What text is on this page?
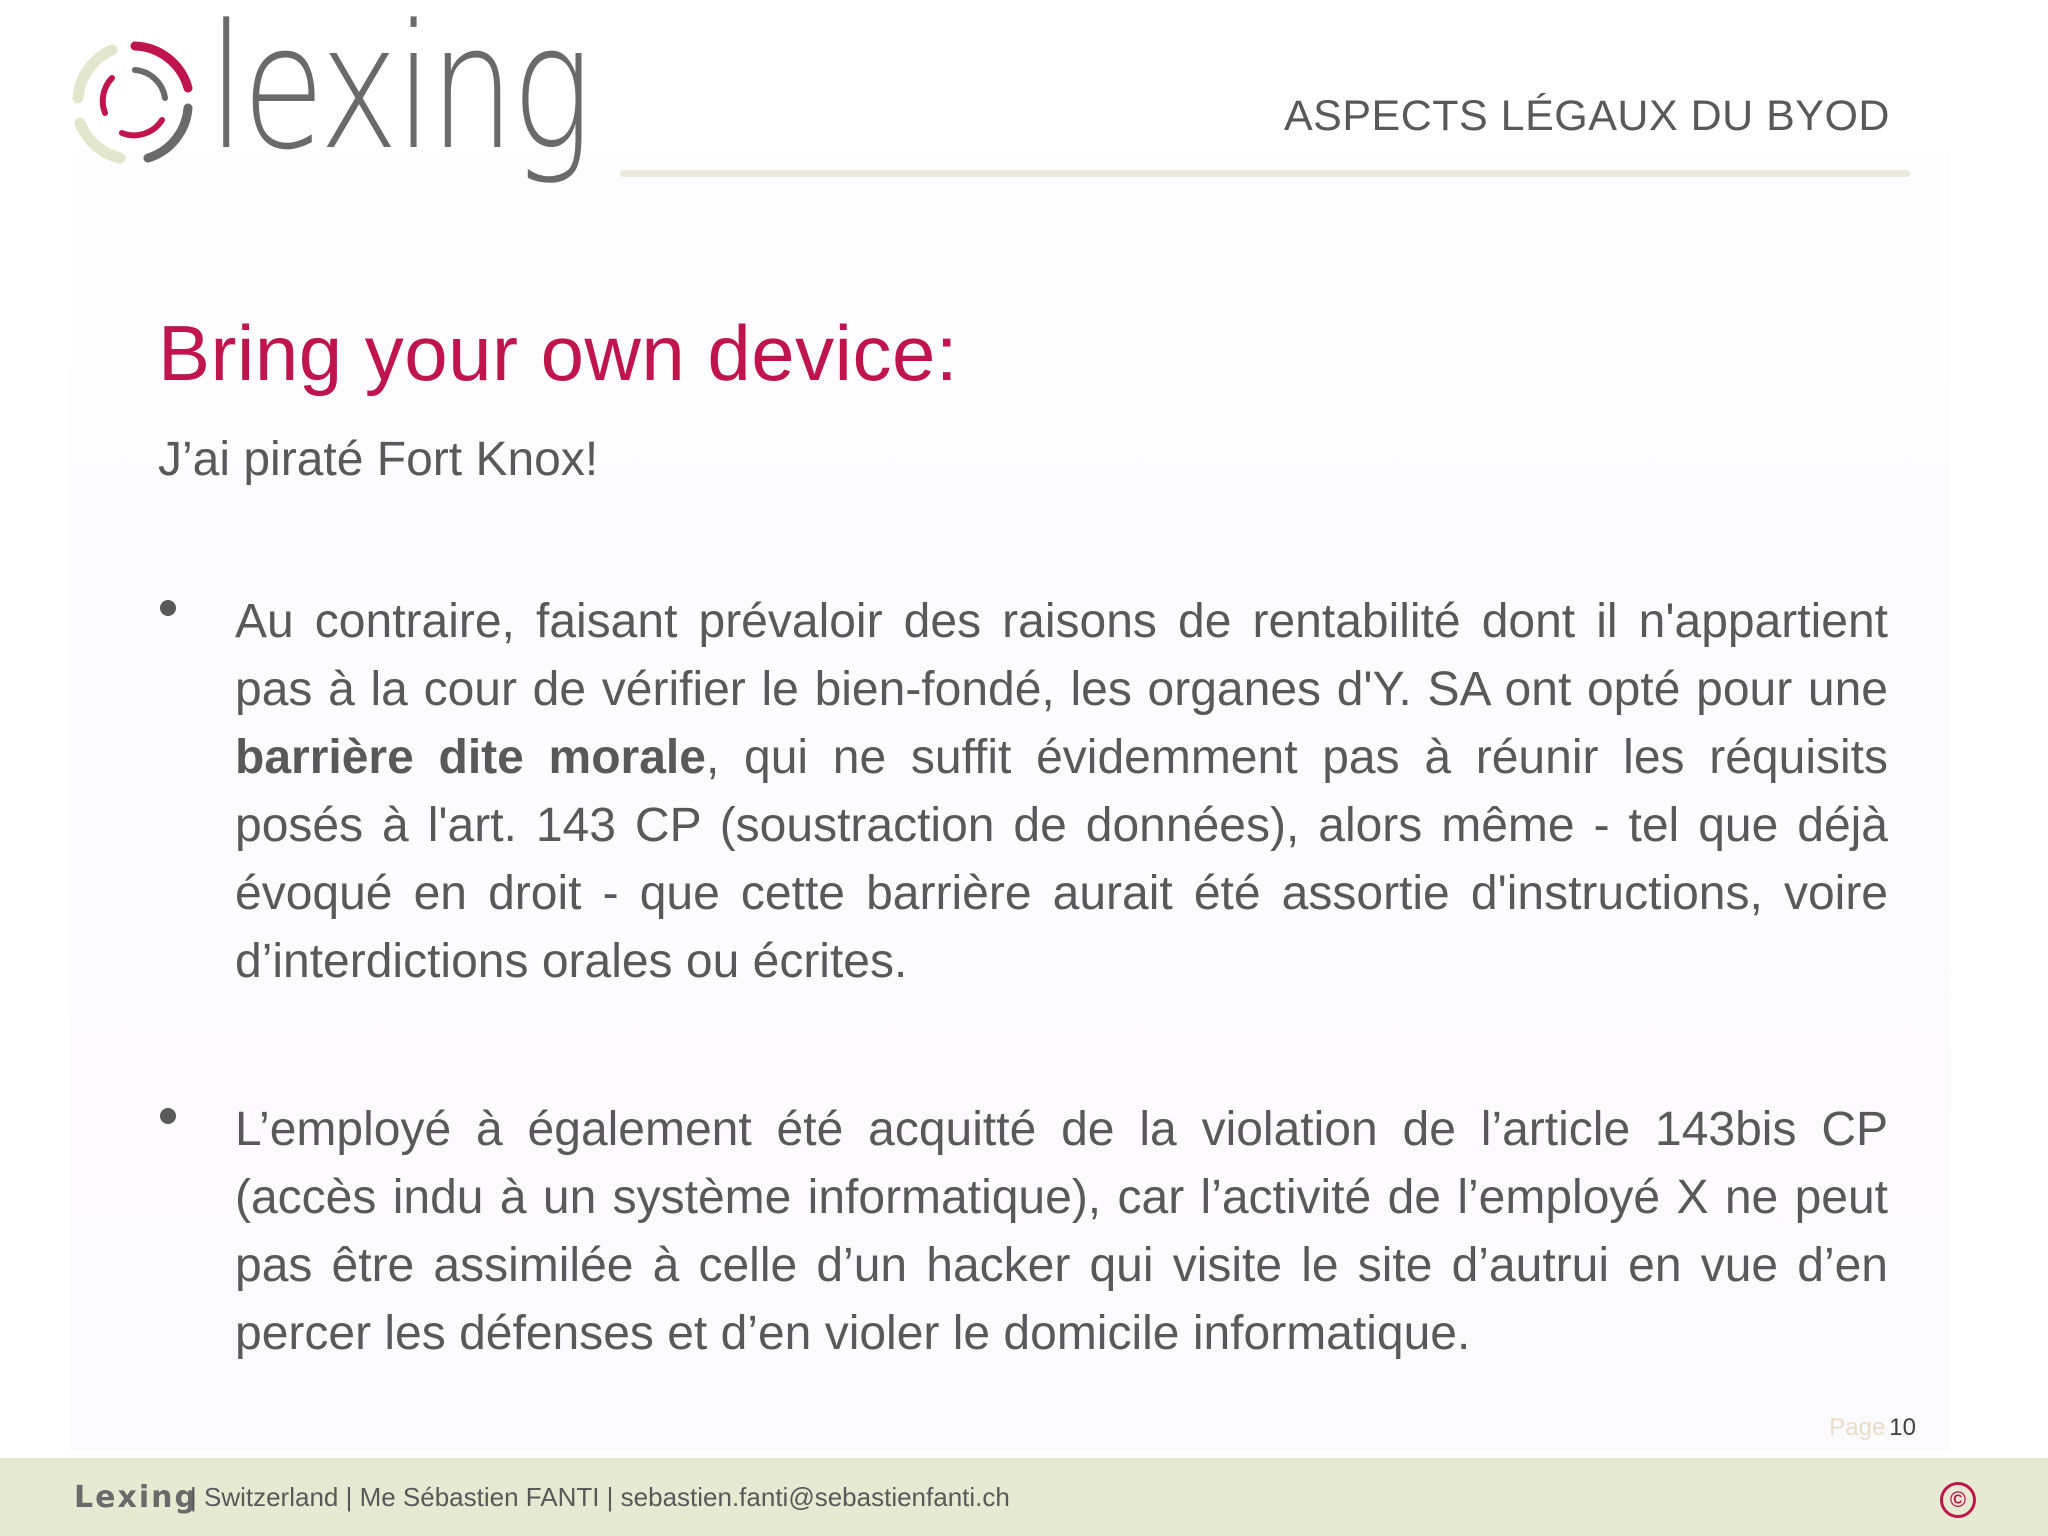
lexing	ASPECTS LÉGAUX DU BYOD
Bring your own device:
J’ai piraté Fort Knox!
Au contraire, faisant prévaloir des raisons de rentabilité dont il n'appartient pas à la cour de vérifier le bien-fondé, les organes d'Y. SA ont opté pour une barrière dite morale, qui ne suffit évidemment pas à réunir les réquisits posés à l'art. 143 CP (soustraction de données), alors même - tel que déjà évoqué en droit - que cette barrière aurait été assortie d'instructions, voire d’interdictions orales ou écrites.
L’employé à également été acquitté de la violation de l’article 143bis CP (accès indu à un système informatique), car l’activité de l’employé X ne peut pas être assimilée à celle d’un hacker qui visite le site d’autrui en vue d’en percer les défenses et d’en violer le domicile informatique.
Page 10
Lexing
| Switzerland | Me Sébastien FANTI | sebastien.fanti@sebastienfanti.ch	©
